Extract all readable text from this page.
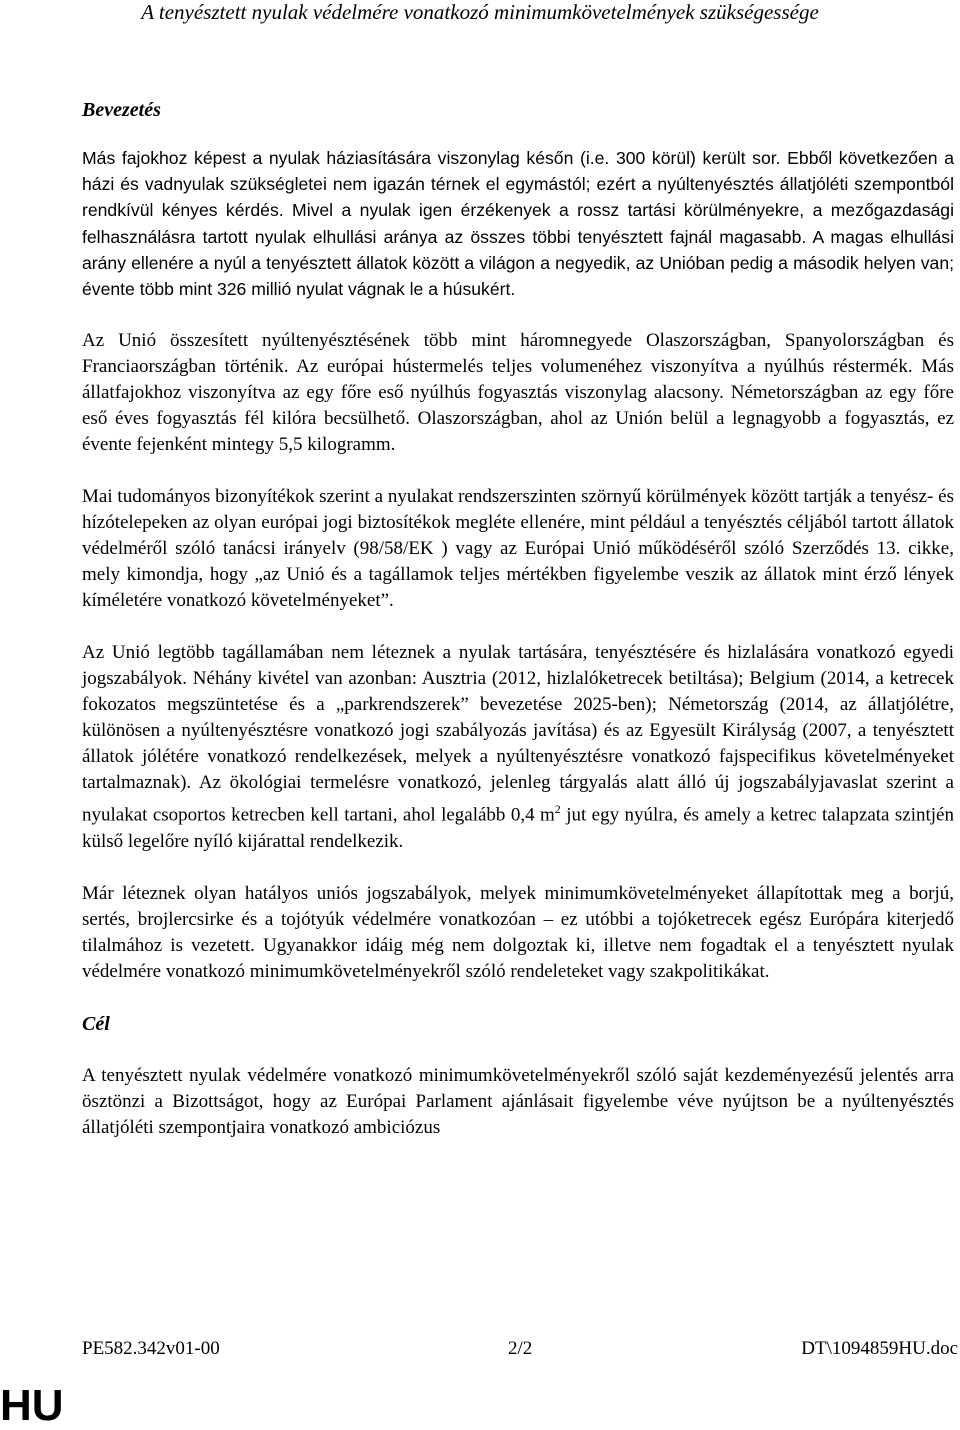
A tenyésztett nyulak védelmére vonatkozó minimumkövetelmények szükségessége

Bevezetés

Más fajokhoz képest a nyulak háziasítására viszonylag későn (i.e. 300 körül) került sor. Ebből következően a házi és vadnyulak szükségletei nem igazán térnek el egymástól; ezért a nyúltenyésztés állatjóléti szempontból rendkívül kényes kérdés. Mivel a nyulak igen érzékenyek a rossz tartási körülményekre, a mezőgazdasági felhasználásra tartott nyulak elhullási aránya az összes többi tenyésztett fajnál magasabb. A magas elhullási arány ellenére a nyúl a tenyésztett állatok között a világon a negyedik, az Unióban pedig a második helyen van; évente több mint 326 millió nyulat vágnak le a húsukért.

Az Unió összesített nyúltenyésztésének több mint háromnegyede Olaszországban, Spanyolországban és Franciaországban történik. Az európai hústermelés teljes volumenéhez viszonyítva a nyúlhús réstermék. Más állatfajokhoz viszonyítva az egy főre eső nyúlhús fogyasztás viszonylag alacsony. Németországban az egy főre eső éves fogyasztás fél kilóra becsülhető. Olaszországban, ahol az Unión belül a legnagyobb a fogyasztás, ez évente fejenként mintegy 5,5 kilogramm.

Mai tudományos bizonyítékok szerint a nyulakat rendszerszinten szörnyű körülmények között tartják a tenyész- és hízótelepeken az olyan európai jogi biztosítékok megléte ellenére, mint például a tenyésztés céljából tartott állatok védelméről szóló tanácsi irányelv (98/58/EK ) vagy az Európai Unió működéséről szóló Szerződés 13. cikke, mely kimondja, hogy „az Unió és a tagállamok teljes mértékben figyelembe veszik az állatok mint érző lények kíméletére vonatkozó követelményeket”.

Az Unió legtöbb tagállamában nem léteznek a nyulak tartására, tenyésztésére és hizlalására vonatkozó egyedi jogszabályok. Néhány kivétel van azonban: Ausztria (2012, hizlalóketrecek betiltása); Belgium (2014, a ketrecek fokozatos megszüntetése és a „parkrendszerek” bevezetése 2025-ben); Németország (2014, az állatjólétre, különösen a nyúltenyésztésre vonatkozó jogi szabályozás javítása) és az Egyesült Királyság (2007, a tenyésztett állatok jólétére vonatkozó rendelkezések, melyek a nyúltenyésztésre vonatkozó fajspecifikus követelményeket tartalmaznak). Az ökológiai termelésre vonatkozó, jelenleg tárgyalás alatt álló új jogszabályjavaslat szerint a nyulakat csoportos ketrecben kell tartani, ahol legalább 0,4 $m^2$ jut egy nyúlra, és amely a ketrec talapzata szintjén külső legelőre nyíló kijárattal rendelkezik.

Már léteznek olyan hatályos uniós jogszabályok, melyek minimumkövetelményeket állapítottak meg a borjú, sertés, brojlercsirke és a tojótyúk védelmére vonatkozóan – ez utóbbi a tojóketrecek egész Európára kiterjedő tilalmához is vezetett. Ugyanakkor idáig még nem dolgoztak ki, illetve nem fogadtak el a tenyésztett nyulak védelmére vonatkozó minimumkövetelményekről szóló rendeleteket vagy szakpolitikákat.

Cél

A tenyésztett nyulak védelmére vonatkozó minimumkövetelményekről szóló saját kezdeményezésű jelentés arra ösztönzi a Bizottságot, hogy az Európai Parlament ajánlásait figyelembe véve nyújtson be a nyúltenyésztés állatjóléti szempontjaira vonatkozó ambiciózus

PE582.342v01-00	2/2	DT\1094859HU.doc
HU
